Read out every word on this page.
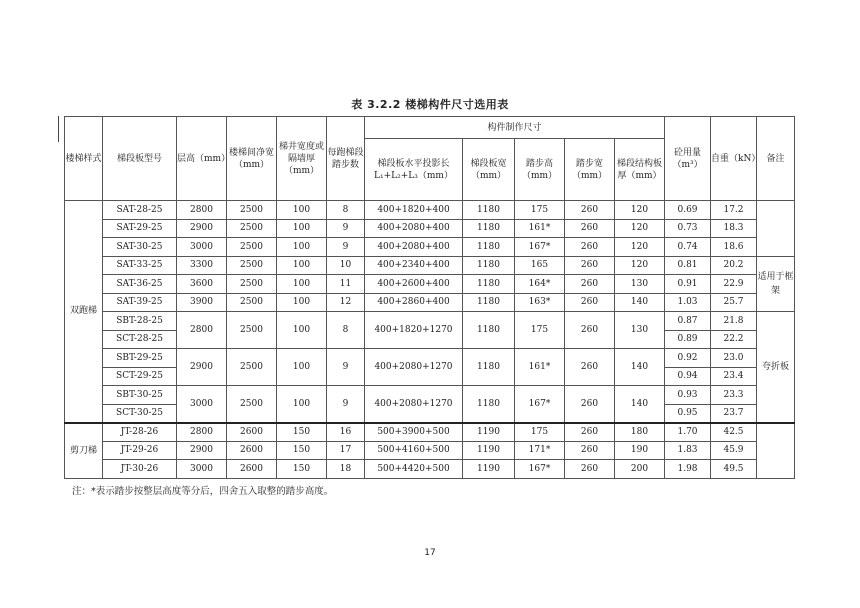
表 3.2.2 楼梯构件尺寸选用表
楼梯样式	梯段板型号	层高（mm）	楼梯间净宽（mm）	梯井宽度或隔墙厚（mm）	每跑梯段踏步数	构件制作尺寸					砼用量（m³）	自重（kN）	备注
						梯段板水平投影长 L₁+L₂+L₃（mm）	梯段板宽（mm）	踏步高（mm）	踏步宽（mm）	梯段结构板厚（mm）			
双跑梯	SAT-28-25	2800	2500	100	8	400+1820+400	1180	175	260	120	0.69	17.2	
	SAT-29-25	2900	2500	100	9	400+2080+400	1180	161*	260	120	0.73	18.3	
	SAT-30-25	3000	2500	100	9	400+2080+400	1180	167*	260	120	0.74	18.6	
	SAT-33-25	3300	2500	100	10	400+2340+400	1180	165	260	120	0.81	20.2	适用于框架
	SAT-36-25	3600	2500	100	11	400+2600+400	1180	164*	260	130	0.91	22.9	
	SAT-39-25	3900	2500	100	12	400+2860+400	1180	163*	260	140	1.03	25.7	
	SBT-28-25	2800	2500	100	8	400+1820+1270	1180	175	260	130	0.87	21.8	夸折板
	SCT-28-25										0.89	22.2	
	SBT-29-25	2900	2500	100	9	400+2080+1270	1180	161*	260	140	0.92	23.0	
	SCT-29-25										0.94	23.4	
	SBT-30-25	3000	2500	100	9	400+2080+1270	1180	167*	260	140	0.93	23.3	
	SCT-30-25										0.95	23.7	
剪刀梯	JT-28-26	2800	2600	150	16	500+3900+500	1190	175	260	180	1.70	42.5	
	JT-29-26	2900	2600	150	17	500+4160+500	1190	171*	260	190	1.83	45.9	
	JT-30-26	3000	2600	150	18	500+4420+500	1190	167*	260	200	1.98	49.5	
注：*表示踏步按整层高度等分后，四舍五入取整的踏步高度。
17
